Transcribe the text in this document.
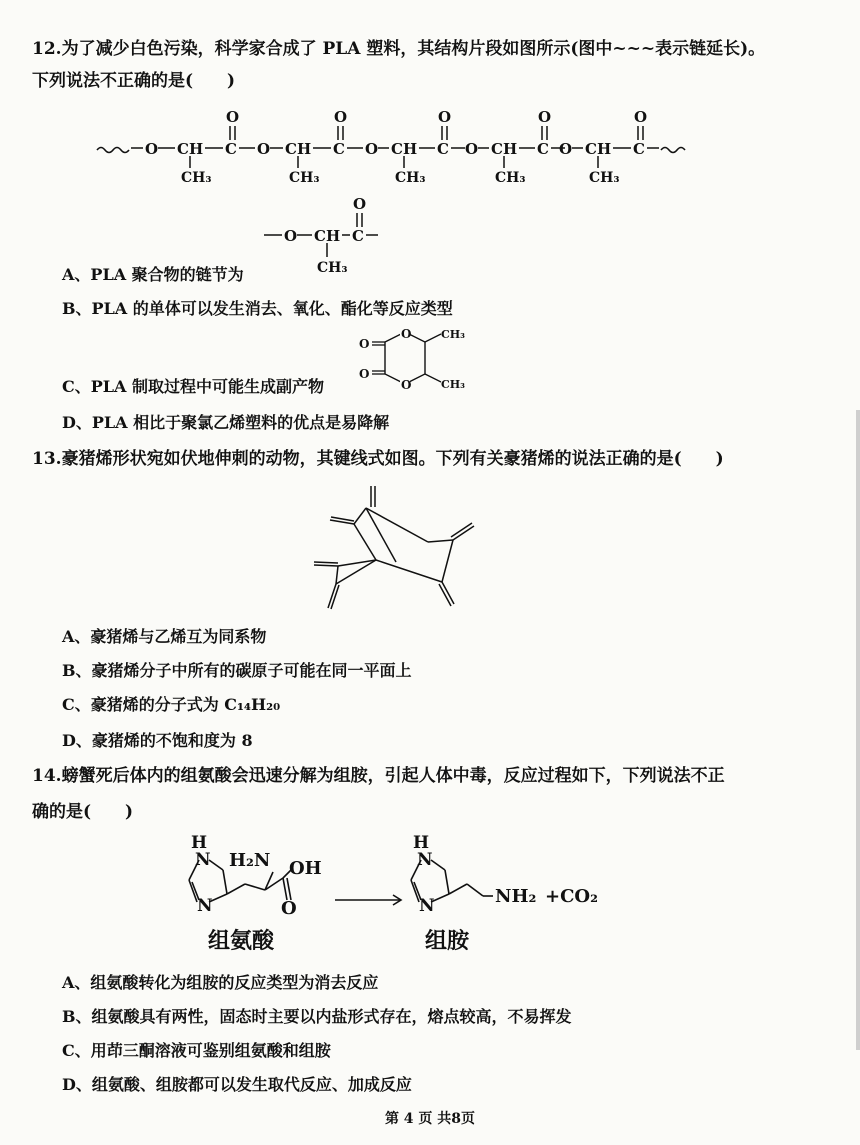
12.为了减少白色污染，科学家合成了 PLA 塑料，其结构片段如图所示(图中~~~表示链延长)。
下列说法不正确的是(　　)
O CH
CH₃
C
O
O CH
CH₃
C
O
O CH
CH₃
C
O
O CH
CH₃
C
O
O CH
CH₃
C
O
O CH
CH₃
C
O
A、PLA 聚合物的链节为
B、PLA 的单体可以发生消去、氧化、酯化等反应类型
O
O
O
O
CH₃
CH₃
C、PLA 制取过程中可能生成副产物
D、PLA 相比于聚氯乙烯塑料的优点是易降解
13.豪猪烯形状宛如伏地伸刺的动物，其键线式如图。下列有关豪猪烯的说法正确的是(　　)
A、豪猪烯与乙烯互为同系物
B、豪猪烯分子中所有的碳原子可能在同一平面上
C、豪猪烯的分子式为 C₁₄H₂₀
D、豪猪烯的不饱和度为 8
14.螃蟹死后体内的组氨酸会迅速分解为组胺，引起人体中毒，反应过程如下，下列说法不正
确的是(　　)
H
N
N
H₂N OH
O
H
N
N	NH₂ +CO₂
组氨酸	组胺
A、组氨酸转化为组胺的反应类型为消去反应
B、组氨酸具有两性，固态时主要以内盐形式存在，熔点较高，不易挥发
C、用茚三酮溶液可鉴别组氨酸和组胺
D、组氨酸、组胺都可以发生取代反应、加成反应
第 4 页 共8页
